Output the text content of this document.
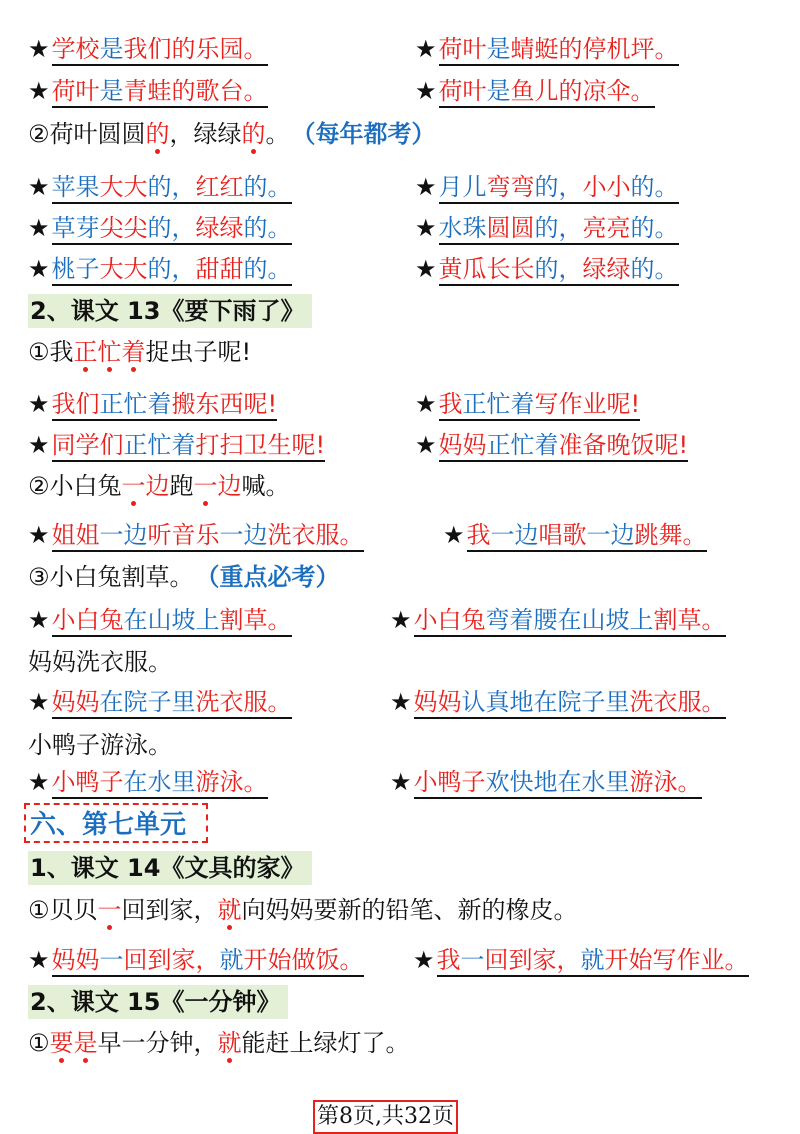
★学校是我们的乐园。	★荷叶是蜻蜓的停机坪。
★荷叶是青蛙的歌台。	★荷叶是鱼儿的凉伞。
②荷叶圆圆的，绿绿的。 （每年都考）
★苹果大大的，红红的。	★月儿弯弯的，小小的。
★草芽尖尖的，绿绿的。	★水珠圆圆的，亮亮的。
★桃子大大的，甜甜的。	★黄瓜长长的，绿绿的。
2、课文 13《要下雨了》
①我正忙着捉虫子呢!
★我们正忙着搬东西呢!	★我正忙着写作业呢!
★同学们正忙着打扫卫生呢!	★妈妈正忙着准备晚饭呢!
②小白兔一边跑一边喊。
★姐姐一边听音乐一边洗衣服。	★我一边唱歌一边跳舞。
③小白兔割草。 （重点必考）
★小白兔在山坡上割草。	★小白兔弯着腰在山坡上割草。
妈妈洗衣服。
★妈妈在院子里洗衣服。	★妈妈认真地在院子里洗衣服。
小鸭子游泳。
★小鸭子在水里游泳。	★小鸭子欢快地在水里游泳。
六、第七单元
1、课文 14《文具的家》
①贝贝一回到家，就向妈妈要新的铅笔、新的橡皮。
★妈妈一回到家，就开始做饭。 ★我一回到家，就开始写作业。
2、课文 15《一分钟》
①要是早一分钟，就能赶上绿灯了。
第8页,共32页
